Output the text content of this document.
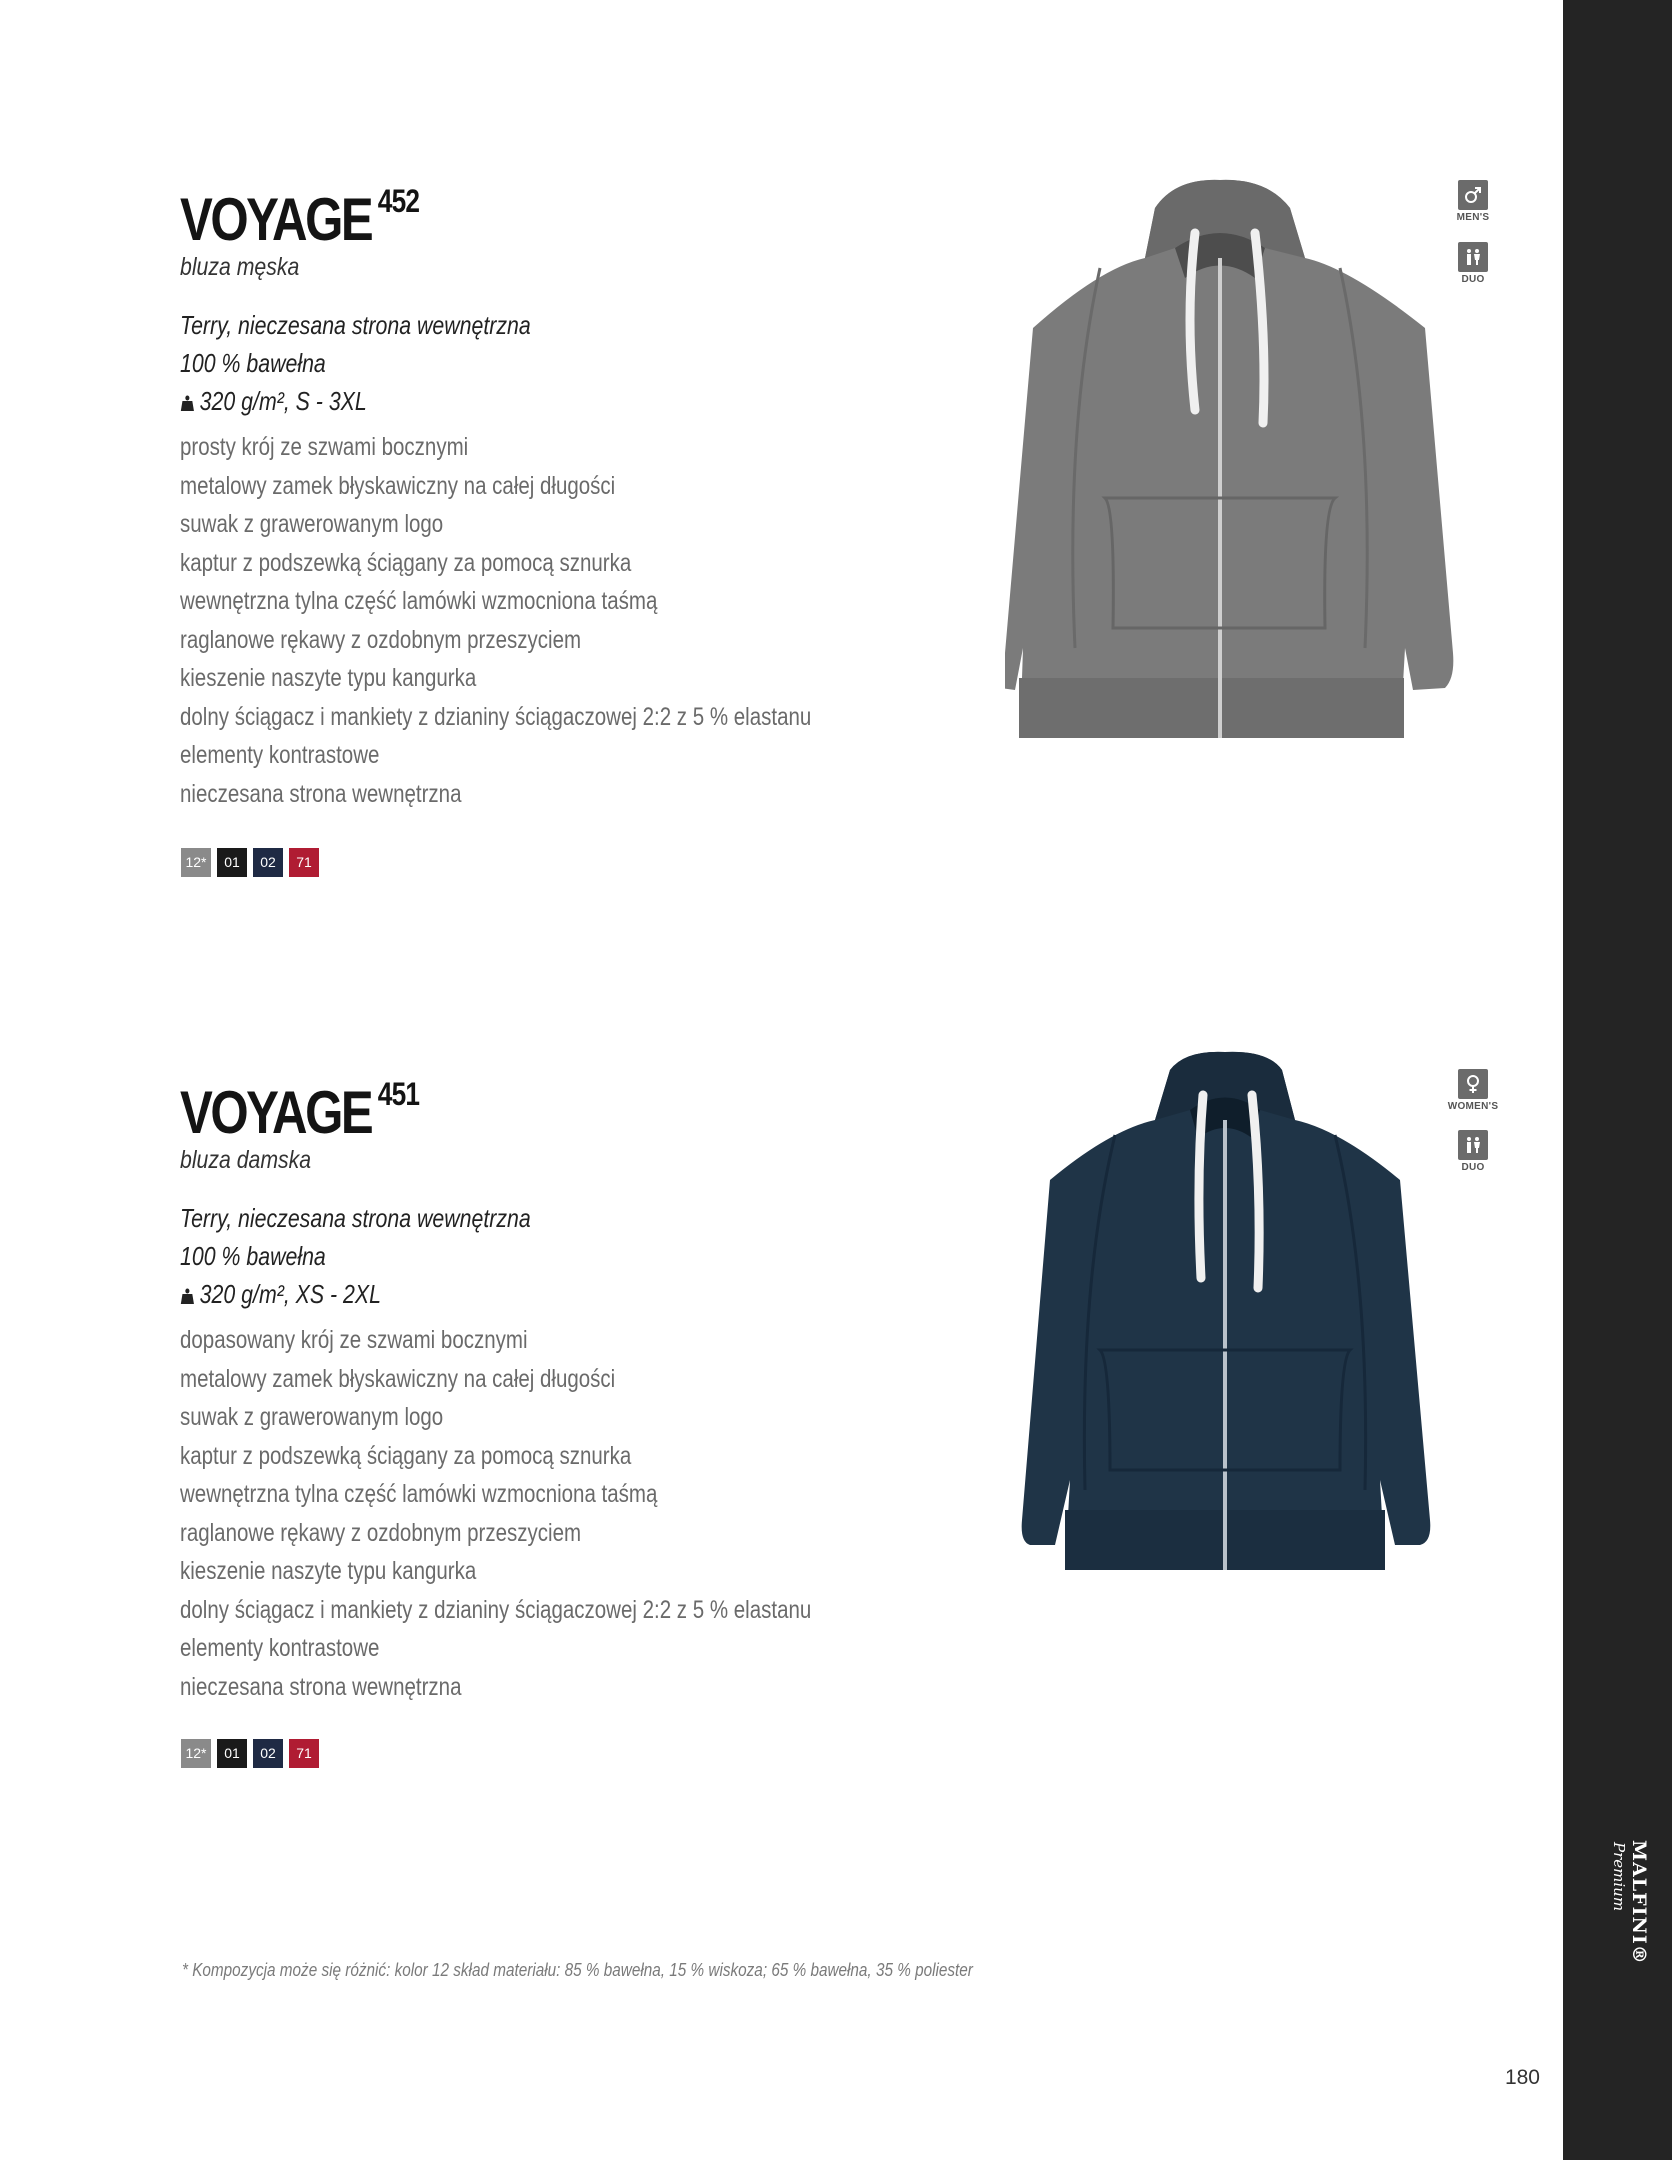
MALFINI®
Premium
180
VOYAGE $^{452}$
bluza męska
Terry, nieczesana strona wewnętrzna
100 % bawełna
320 g/m², S - 3XL
prosty krój ze szwami bocznymi
metalowy zamek błyskawiczny na całej długości
suwak z grawerowanym logo
kaptur z podszewką ściągany za pomocą sznurka
wewnętrzna tylna część lamówki wzmocniona taśmą
raglanowe rękawy z ozdobnym przeszyciem
kieszenie naszyte typu kangurka
dolny ściągacz i mankiety z dzianiny ściągaczowej 2:2 z 5 % elastanu
elementy kontrastowe
nieczesana strona wewnętrzna
12*	01	02	71
MEN'S
DUO
VOYAGE $^{451}$
bluza damska
Terry, nieczesana strona wewnętrzna
100 % bawełna
320 g/m², XS - 2XL
dopasowany krój ze szwami bocznymi
metalowy zamek błyskawiczny na całej długości
suwak z grawerowanym logo
kaptur z podszewką ściągany za pomocą sznurka
wewnętrzna tylna część lamówki wzmocniona taśmą
raglanowe rękawy z ozdobnym przeszyciem
kieszenie naszyte typu kangurka
dolny ściągacz i mankiety z dzianiny ściągaczowej 2:2 z 5 % elastanu
elementy kontrastowe
nieczesana strona wewnętrzna
12*	01	02	71
WOMEN'S
DUO
* Kompozycja może się różnić: kolor 12 skład materiału: 85 % bawełna, 15 % wiskoza; 65 % bawełna, 35 % poliester
